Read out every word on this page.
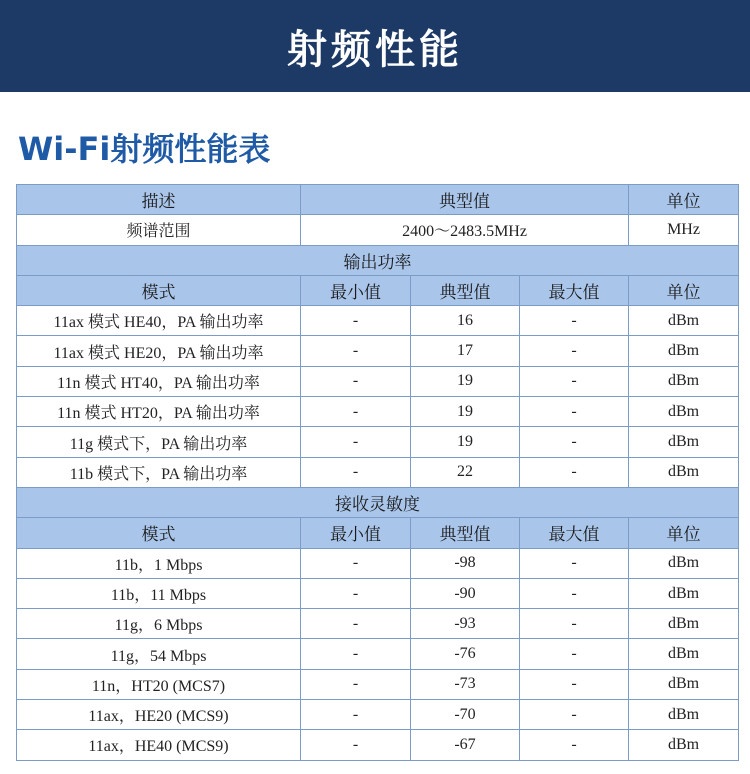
射频性能
Wi-Fi射频性能表
描述	典型值			单位
频谱范围	2400～2483.5MHz			MHz
输出功率				
模式	最小值	典型值	最大值	单位
11ax 模式 HE40，PA 输出功率	-	16	-	dBm
11ax 模式 HE20，PA 输出功率	-	17	-	dBm
11n 模式 HT40，PA 输出功率	-	19	-	dBm
11n 模式 HT20，PA 输出功率	-	19	-	dBm
11g 模式下，PA 输出功率	-	19	-	dBm
11b 模式下，PA 输出功率	-	22	-	dBm
接收灵敏度				
模式	最小值	典型值	最大值	单位
11b，1 Mbps	-	-98	-	dBm
11b，11 Mbps	-	-90	-	dBm
11g，6 Mbps	-	-93	-	dBm
11g，54 Mbps	-	-76	-	dBm
11n，HT20 (MCS7)	-	-73	-	dBm
11ax，HE20 (MCS9)	-	-70	-	dBm
11ax，HE40 (MCS9)	-	-67	-	dBm
